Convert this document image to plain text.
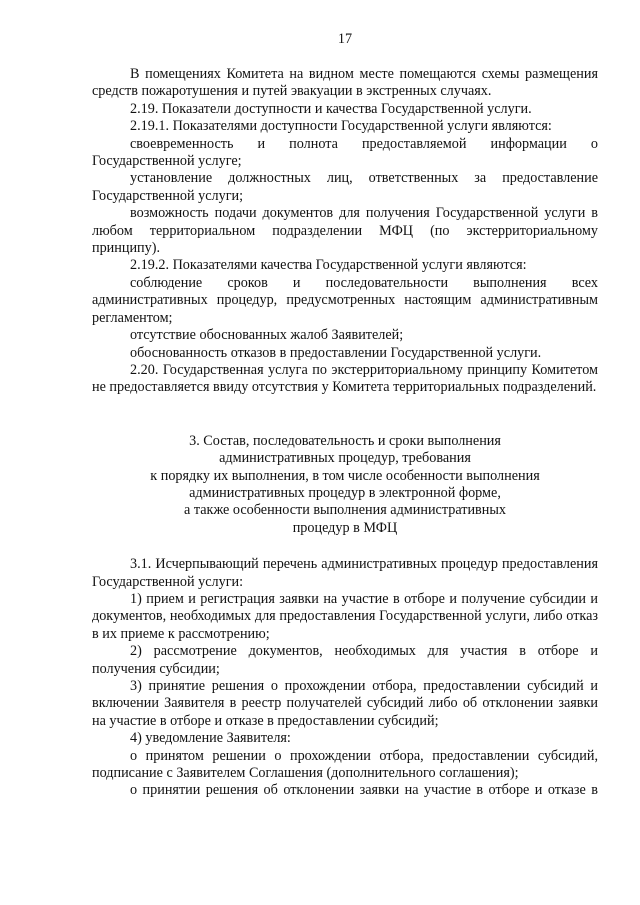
17

В помещениях Комитета на видном месте помещаются схемы размещения средств пожаротушения и путей эвакуации в экстренных случаях.

2.19. Показатели доступности и качества Государственной услуги.

2.19.1. Показателями доступности Государственной услуги являются:

своевременность и полнота предоставляемой информации о Государственной услуге;

установление должностных лиц, ответственных за предоставление Государственной услуги;

возможность подачи документов для получения Государственной услуги в любом территориальном подразделении МФЦ (по экстерриториальному принципу).

2.19.2. Показателями качества Государственной услуги являются:

соблюдение сроков и последовательности выполнения всех административных процедур, предусмотренных настоящим административным регламентом;

отсутствие обоснованных жалоб Заявителей;

обоснованность отказов в предоставлении Государственной услуги.

2.20. Государственная услуга по экстерриториальному принципу Комитетом не предоставляется ввиду отсутствия у Комитета территориальных подразделений.

3. Состав, последовательность и сроки выполнения
административных процедур, требования
к порядку их выполнения, в том числе особенности выполнения
административных процедур в электронной форме,
а также особенности выполнения административных
процедур в МФЦ

3.1. Исчерпывающий перечень административных процедур предоставления Государственной услуги:

1) прием и регистрация заявки на участие в отборе и получение субсидии и документов, необходимых для предоставления Государственной услуги, либо отказ в их приеме к рассмотрению;

2) рассмотрение документов, необходимых для участия в отборе и получения субсидии;

3) принятие решения о прохождении отбора, предоставлении субсидий и включении Заявителя в реестр получателей субсидий либо об отклонении заявки на участие в отборе и отказе в предоставлении субсидий;

4) уведомление Заявителя:

о принятом решении о прохождении отбора, предоставлении субсидий, подписание с Заявителем Соглашения (дополнительного соглашения);

о принятии решения об отклонении заявки на участие в отборе и отказе в
